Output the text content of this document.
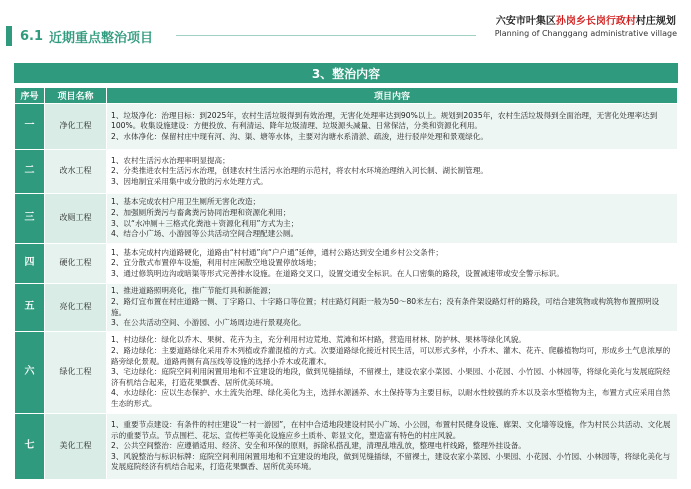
6.1 近期重点整治项目
六安市叶集区孙岗乡长岗行政村村庄规划
Planning of Changgang administrative village
3、整治内容
序号	项目名称	项目内容
一	净化工程	1、垃圾净化：治理目标：到2025年，农村生活垃圾得到有效治理，无害化处理率达到90%以上。规划到2035年，农村生活垃圾得到全面治理，无害化处理率达到100%。收集设施建设：方便投放、有利清运、降年垃圾清理、垃圾源头减量、日常保洁，分类和资源化利用。
2、水体净化：保留村庄中现有河、沟、渠、塘等水体，主要对沟塘水系清淤、疏浚，进行驳岸处理和景观绿化。

二	改水工程	1、农村生活污水治理率明显提高；
2、分类推进农村生活污水治理，创建农村生活污水治理的示范村，将农村水环境治理纳入河长制、湖长制管理。
3、因地制宜采用集中或分散的污水处理方式。

三	改厕工程	1、基本完成农村户用卫生厕所无害化改造；
2、加强厕所粪污与畜禽粪污协同治理和资源化利用；
3、以“水冲厕＋三格式化粪池＋资源化利用”方式为主；
4、结合小广场、小游园等公共活动空间合理配建公厕。

四	硬化工程	1、基本完成村内道路硬化，道路由“村村通”向“户户通”延伸，通村公路达到安全通乡村公交条件；
2、宜分散式布置停车设施，利用村庄闲散空地设置停放场地；
3、通过修筑明边沟或暗渠等形式完善排水设施。在道路交叉口，设置交通安全标识。在人口密集的路段，设置减速带或安全警示标识。

五	亮化工程	1、推进道路照明亮化，推广节能灯具和新能源；
2、路灯宜布置在村庄道路一侧、丁字路口、十字路口等位置；村庄路灯间距一般为50～80米左右；没有条件架设路灯杆的路段，可结合建筑物或构筑物布置照明设施。
3、在公共活动空间、小游园、小广场周边进行景观亮化。

六	绿化工程	1、村边绿化：绿化以乔木、果树、花卉为主，充分利用村边荒地、荒滩和坏村路，营造用材林、防护林、果林等绿化风貌。
2、路边绿化：主要道路绿化采用乔木列植或乔灌混植的方式。次要道路绿化接近村民生活，可以形式多样，小乔木、灌木、花卉、爬藤植物均可，形成乡土气息浓厚的路旁绿化景观。道路两侧有高压线等设施的选择小乔木或花灌木。
3、宅边绿化：庭院空间利用闲置用地和不宜建设的地段，做到见缝插绿，不留裸土，建设农家小菜园、小果园、小花园、小竹园、小林园等，将绿化美化与发展庭院经济有机结合起来，打造花果飘香、居所优美环境。
4、水边绿化：应以生态保护、水土流失治理、绿化美化为主，选择水源涵养、水土保持等为主要目标，以耐水性较强的乔木以及亲水型植物为主，布置方式应采用自然生态的形式。

七	美化工程	1、重要节点建设：有条件的村庄建设“一村一游园”，在村中合适地段建设村民小广场、小公园，布置村民健身设施、廊架、文化墙等设施，作为村民公共活动、文化展示的重要节点。节点围栏、花坛、宣传栏等美化设施应乡土质朴、彰显文化，塑造富有特色的村庄风貌。
2、公共空间整治：应遵循适用、经济、安全和环保的原则，拆除私搭乱建，清理乱堆乱放，整理电杆线路，整理外挂设备。
3、风貌整治与标识标牌：庭院空间利用闲置用地和不宜建设的地段，做到见缝插绿，不留裸土，建设农家小菜园、小果园、小花园、小竹园、小林园等，将绿化美化与发展庭院经济有机结合起来，打造花果飘香、居所优美环境。
